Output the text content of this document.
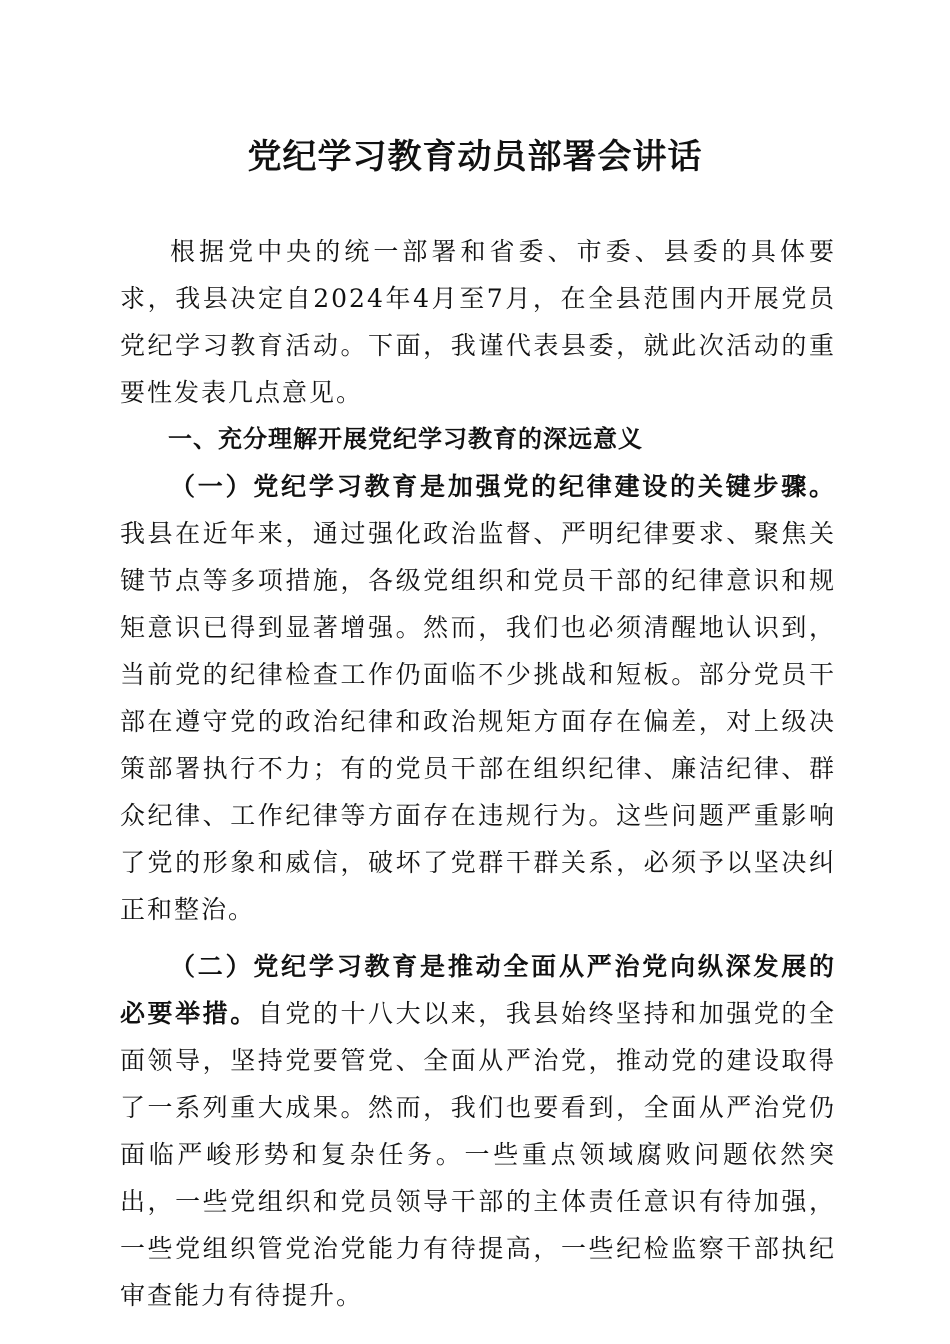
党纪学习教育动员部署会讲话

根据党中央的统一部署和省委、市委、县委的具体要求，我县决定自2024年4月至7月，在全县范围内开展党员党纪学习教育活动。下面，我谨代表县委，就此次活动的重要性发表几点意见。

一、充分理解开展党纪学习教育的深远意义

（一）党纪学习教育是加强党的纪律建设的关键步骤。我县在近年来，通过强化政治监督、严明纪律要求、聚焦关键节点等多项措施，各级党组织和党员干部的纪律意识和规矩意识已得到显著增强。然而，我们也必须清醒地认识到，当前党的纪律检查工作仍面临不少挑战和短板。部分党员干部在遵守党的政治纪律和政治规矩方面存在偏差，对上级决策部署执行不力；有的党员干部在组织纪律、廉洁纪律、群众纪律、工作纪律等方面存在违规行为。这些问题严重影响了党的形象和威信，破坏了党群干群关系，必须予以坚决纠正和整治。

（二）党纪学习教育是推动全面从严治党向纵深发展的必要举措。自党的十八大以来，我县始终坚持和加强党的全面领导，坚持党要管党、全面从严治党，推动党的建设取得了一系列重大成果。然而，我们也要看到，全面从严治党仍面临严峻形势和复杂任务。一些重点领域腐败问题依然突出，一些党组织和党员领导干部的主体责任意识有待加强，一些党组织管党治党能力有待提高，一些纪检监察干部执纪审查能力有待提升。
